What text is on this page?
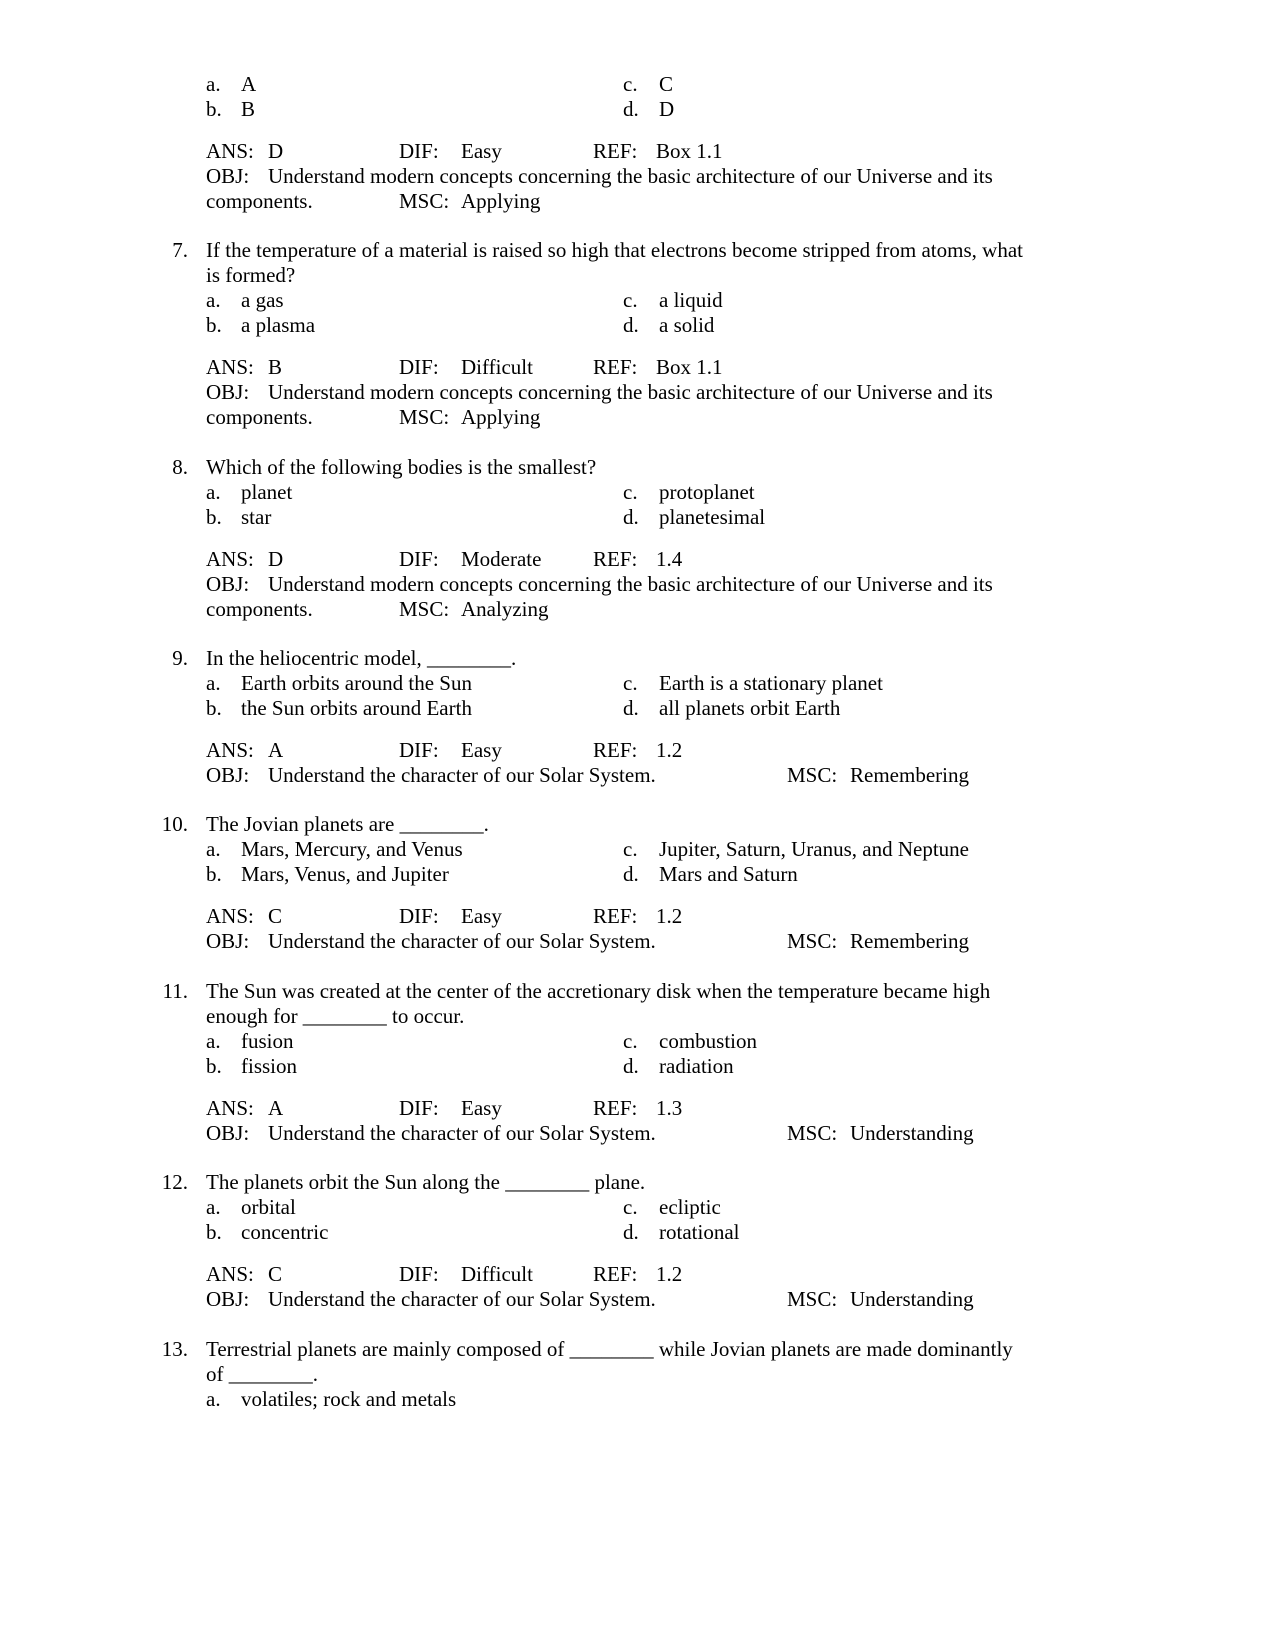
a. A
b. B
c.	C
d. D
ANS: D	DIF: Easy	REF: Box 1.1
OBJ: Understand modern concepts concerning the basic architecture of our Universe and its
components.	MSC: Applying
7. If the temperature of a material is raised so high that electrons become stripped from atoms, what
is formed?
a. a gas
b. a plasma
c.	a liquid
d. a solid
ANS: B	DIF: Difficult	REF: Box 1.1
OBJ: Understand modern concepts concerning the basic architecture of our Universe and its
components.	MSC: Applying
8. Which of the following bodies is the smallest?
a. planet
b. star
c.	protoplanet
d. planetesimal
ANS: D	DIF: Moderate REF: 1.4
OBJ: Understand modern concepts concerning the basic architecture of our Universe and its
components.	MSC: Analyzing
9. In the heliocentric model, ________.
a. Earth orbits around the Sun
b. the Sun orbits around Earth
c.	Earth is a stationary planet
d. all planets orbit Earth
ANS: A	DIF: Easy	REF: 1.2
OBJ: Understand the character of our Solar System.	MSC: Remembering
10. The Jovian planets are ________.
a. Mars, Mercury, and Venus
b. Mars, Venus, and Jupiter
c.	Jupiter, Saturn, Uranus, and Neptune
d. Mars and Saturn
ANS: C	DIF: Easy	REF: 1.2
OBJ: Understand the character of our Solar System.	MSC: Remembering
11. The Sun was created at the center of the accretionary disk when the temperature became high
enough for ________ to occur.
a. fusion
b. fission
c.	combustion
d. radiation
ANS: A	DIF: Easy	REF: 1.3
OBJ: Understand the character of our Solar System.	MSC: Understanding
12. The planets orbit the Sun along the ________ plane.
a. orbital
b. concentric
c.	ecliptic
d. rotational
ANS: C	DIF: Difficult	REF: 1.2
OBJ: Understand the character of our Solar System.	MSC: Understanding
13. Terrestrial planets are mainly composed of ________ while Jovian planets are made dominantly
of ________.
a. volatiles; rock and metals
